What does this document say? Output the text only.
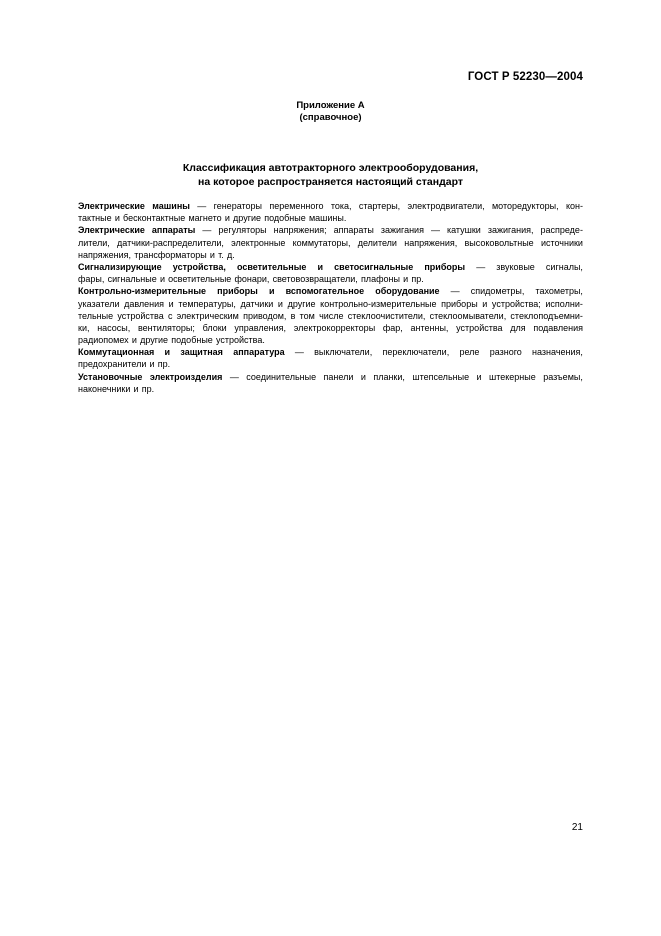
ГОСТ Р 52230—2004
Приложение А
(справочное)
Классификация автотракторного электрооборудования,
на которое распространяется настоящий стандарт
Электрические машины — генераторы переменного тока, стартеры, электродвигатели, моторедукторы, кон-
тактные и бесконтактные магнето и другие подобные машины.
Электрические аппараты — регуляторы напряжения; аппараты зажигания — катушки зажигания, распреде-
лители, датчики-распределители, электронные коммутаторы, делители напряжения, высоковольтные источники
напряжения, трансформаторы и т. д.
Сигнализирующие устройства, осветительные и светосигнальные приборы — звуковые сигналы,
фары, сигнальные и осветительные фонари, световозвращатели, плафоны и пр.
Контрольно-измерительные приборы и вспомогательное оборудование — спидометры, тахометры,
указатели давления и температуры, датчики и другие контрольно-измерительные приборы и устройства; исполни-
тельные устройства с электрическим приводом, в том числе стеклоочистители, стеклоомыватели, стеклоподъемни-
ки, насосы, вентиляторы; блоки управления, электрокорректоры фар, антенны, устройства для подавления
радиопомех и другие подобные устройства.
Коммутационная и защитная аппаратура — выключатели, переключатели, реле разного назначения,
предохранители и пр.
Установочные электроизделия — соединительные панели и планки, штепсельные и штекерные разъемы,
наконечники и пр.
21
